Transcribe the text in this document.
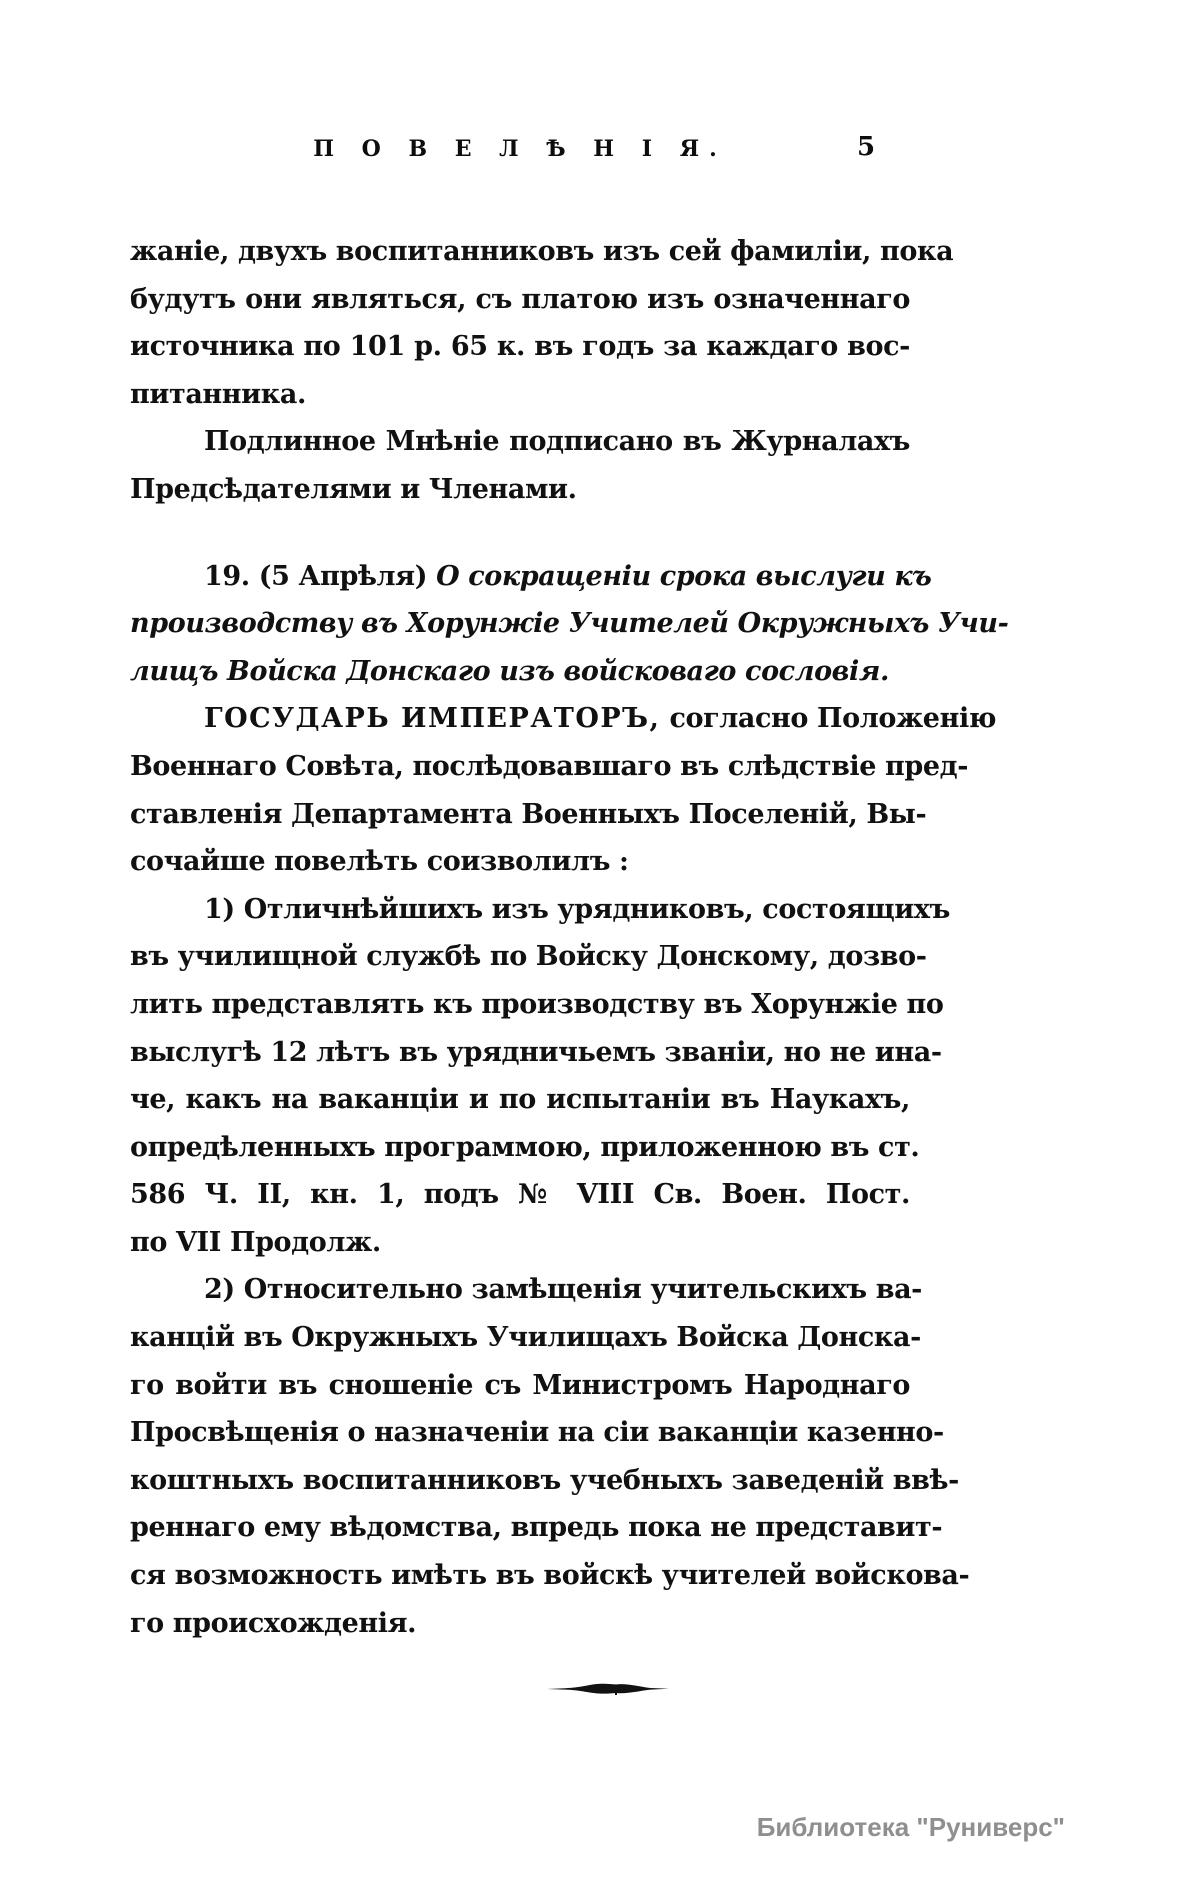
П О В Е Л Ѣ Н І Я.	5
жаніе, двухъ воспитанниковъ изъ сей фамиліи, пока
будутъ они являться, съ платою изъ означеннаго
источника по 101 р. 65 к. въ годъ за каждаго вос-
питанника.
Подлинное Мнѣніе подписано въ Журналахъ
Предсѣдателями и Членами.
19. (5 Апрѣля) О сокращеніи срока выслуги къ
производству въ Хорунжіе Учителей Окружныхъ Учи-
лищъ Войска Донскаго изъ войсковаго сословія.
ГОСУДАРЬ ИМПЕРАТОРЪ, согласно Положенію
Военнаго Совѣта, послѣдовавшаго въ слѣдствіе пред-
ставленія Департамента Военныхъ Поселеній, Вы-
сочайше повелѣть соизволилъ :
1) Отличнѣйшихъ изъ урядниковъ, состоящихъ
въ училищной службѣ по Войску Донскому, дозво-
лить представлять къ производству въ Хорунжіе по
выслугѣ 12 лѣтъ въ урядничьемъ званіи, но не ина-
че, какъ на ваканціи и по испытаніи въ Наукахъ,
опредѣленныхъ программою, приложенною въ ст.
586 Ч. II, кн. 1, подъ № VIII Св. Воен. Пост.
по VII Продолж.
2) Относительно замѣщенія учительскихъ ва-
канцій въ Окружныхъ Училищахъ Войска Донска-
го войти въ сношеніе съ Министромъ Народнаго
Просвѣщенія о назначеніи на сіи ваканціи казенно-
коштныхъ воспитанниковъ учебныхъ заведеній ввѣ-
реннаго ему вѣдомства, впредь пока не представит-
ся возможность имѣть въ войскѣ учителей войскова-
го происхожденія.
Библиотека "Руниверс"
